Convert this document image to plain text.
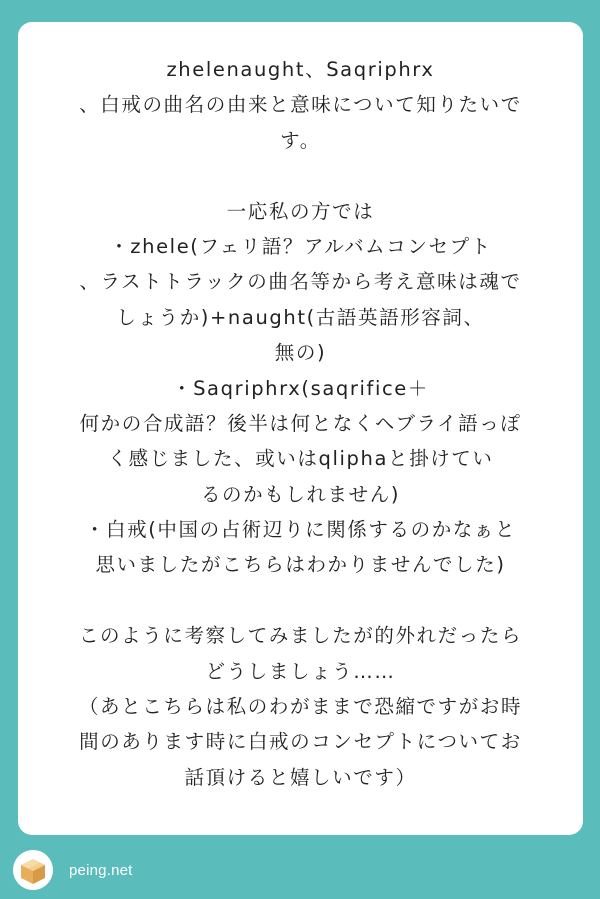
zhelenaught、Saqriphrx
、白戒の曲名の由来と意味について知りたいで
す。
一応私の方では
・zhele(フェリ語？アルバムコンセプト
、ラストトラックの曲名等から考え意味は魂で
しょうか)+naught(古語英語形容詞、
無の)
・Saqriphrx(saqrifice＋
何かの合成語？後半は何となくヘブライ語っぽ
く感じました、或いはqliphaと掛けてい
るのかもしれません)
・白戒(中国の占術辺りに関係するのかなぁと
思いましたがこちらはわかりませんでした)
このように考察してみましたが的外れだったら
どうしましょう……
（あとこちらは私のわがままで恐縮ですがお時
間のあります時に白戒のコンセプトについてお
話頂けると嬉しいです）
peing.net
